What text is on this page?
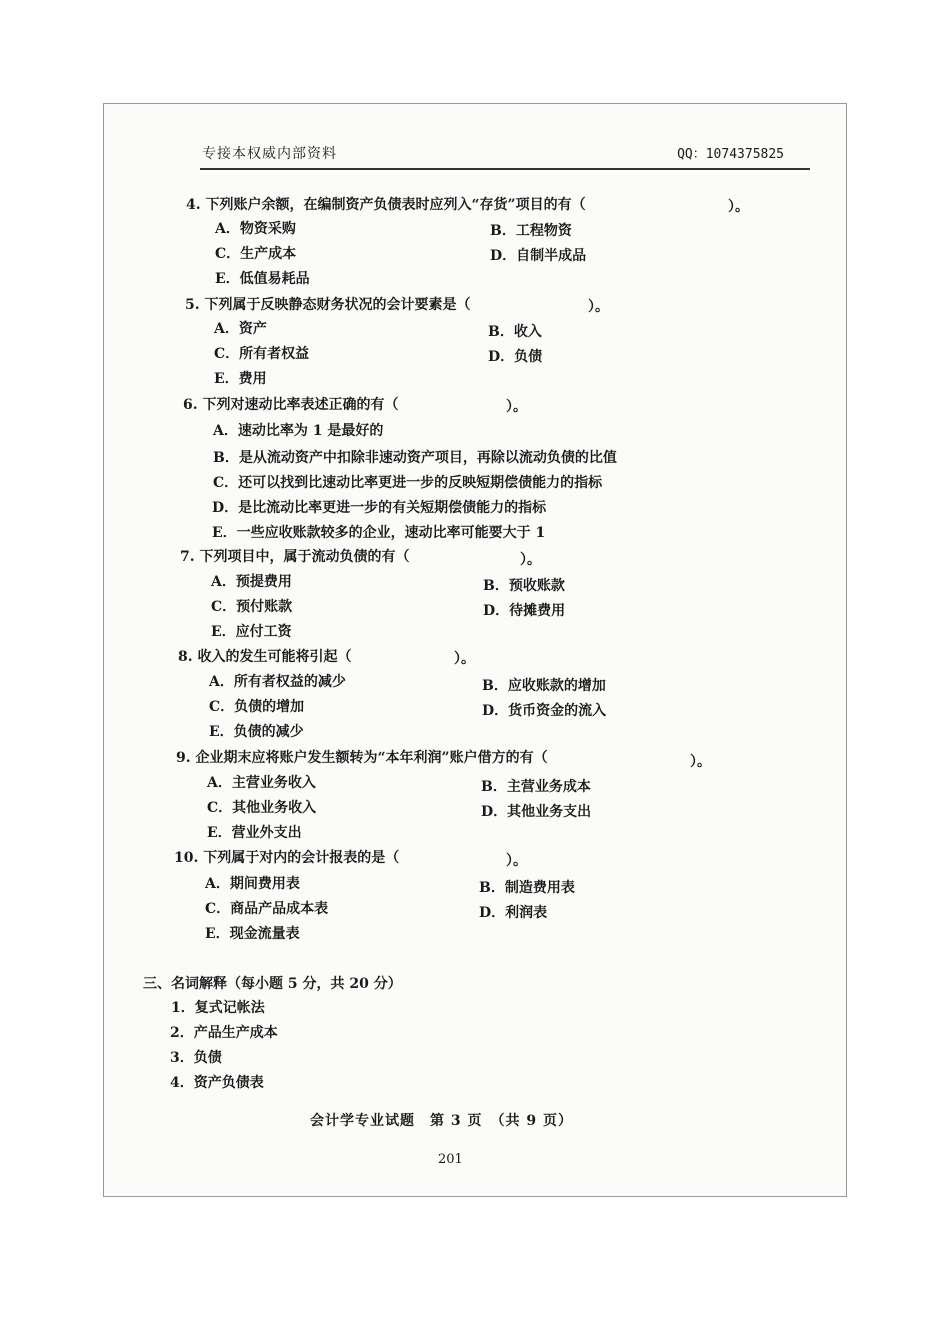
专接本权威内部资料	QQ：1074375825
4. 下列账户余额，在编制资产负债表时应列入“存货”项目的有（	）。
A．物资采购	B．工程物资
C．生产成本	D．自制半成品
E．低值易耗品
5. 下列属于反映静态财务状况的会计要素是（	）。
A．资产	B．收入
C．所有者权益	D．负债
E．费用
6. 下列对速动比率表述正确的有（	）。
A．速动比率为 1 是最好的
B．是从流动资产中扣除非速动资产项目，再除以流动负债的比值
C．还可以找到比速动比率更进一步的反映短期偿债能力的指标
D．是比流动比率更进一步的有关短期偿债能力的指标
E．一些应收账款较多的企业，速动比率可能要大于 1
7. 下列项目中，属于流动负债的有（	）。
A．预提费用	B．预收账款
C．预付账款	D．待摊费用
E．应付工资
8. 收入的发生可能将引起（	）。
A．所有者权益的减少	B．应收账款的增加
C．负债的增加	D．货币资金的流入
E．负债的减少
9. 企业期末应将账户发生额转为“本年利润”账户借方的有（	）。
A．主营业务收入	B．主营业务成本
C．其他业务收入	D．其他业务支出
E．营业外支出
10. 下列属于对内的会计报表的是（	）。
A．期间费用表	B．制造费用表
C．商品产品成本表	D．利润表
E．现金流量表
三、名词解释（每小题 5 分，共 20 分）
1．复式记帐法
2．产品生产成本
3．负债
4．资产负债表
会计学专业试题　第 3 页　（共 9 页）
201
